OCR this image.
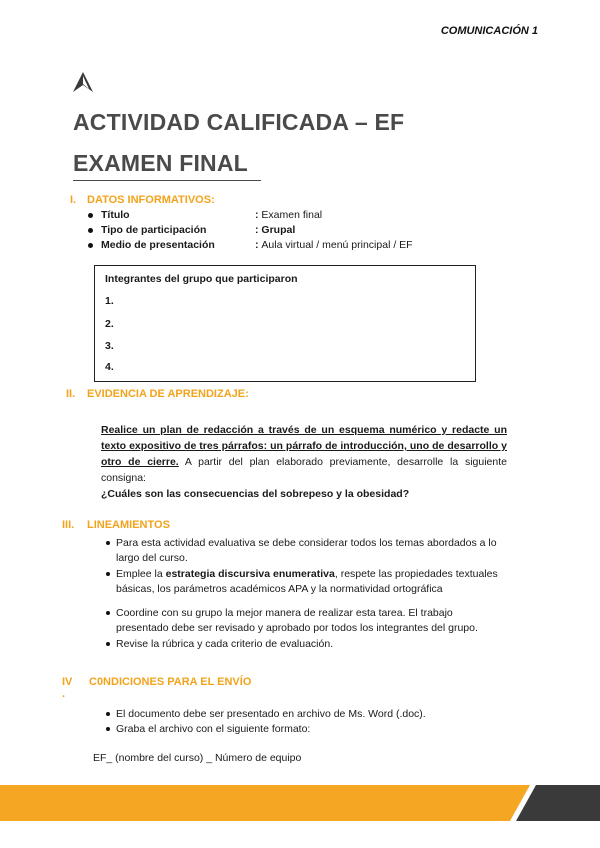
COMUNICACIÓN 1
ACTIVIDAD CALIFICADA – EF
EXAMEN FINAL
I. DATOS INFORMATIVOS:
Título	: Examen final
Tipo de participación	: Grupal
Medio de presentación	: Aula virtual / menú principal / EF
Integrantes del grupo que participaron
1.
2.
3.
4.
II. EVIDENCIA DE APRENDIZAJE:
Realice un plan de redacción a través de un esquema numérico y redacte un texto expositivo de tres párrafos: un párrafo de introducción, uno de desarrollo y otro de cierre. A partir del plan elaborado previamente, desarrolle la siguiente consigna:
¿Cuáles son las consecuencias del sobrepeso y la obesidad?
III. LINEAMIENTOS
Para esta actividad evaluativa se debe considerar todos los temas abordados a lo largo del curso.
Emplee la estrategia discursiva enumerativa, respete las propiedades textuales básicas, los parámetros académicos APA y la normatividad ortográfica
Coordine con su grupo la mejor manera de realizar esta tarea. El trabajo presentado debe ser revisado y aprobado por todos los integrantes del grupo.
Revise la rúbrica y cada criterio de evaluación.
IV .
C0NDICIONES PARA EL ENVÍO
El documento debe ser presentado en archivo de Ms. Word (.doc).
Graba el archivo con el siguiente formato:
EF_ (nombre del curso) _ Número de equipo
